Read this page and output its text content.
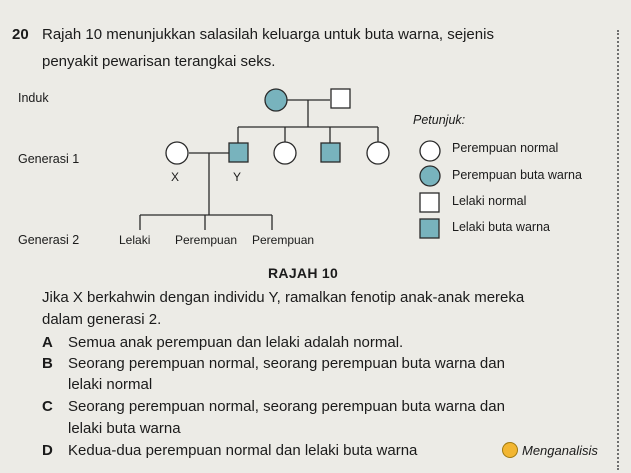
20 Rajah 10 menunjukkan salasilah keluarga untuk buta warna, sejenis
penyakit pewarisan terangkai seks.
Induk
Generasi 1
Generasi 2
X	Y
Lelaki Perempuan Perempuan
Petunjuk:
Perempuan normal
Perempuan buta warna
Lelaki normal
Lelaki buta warna
RAJAH 10
Jika X berkahwin dengan individu Y, ramalkan fenotip anak-anak mereka
dalam generasi 2.
A Semua anak perempuan dan lelaki adalah normal.
B Seorang perempuan normal, seorang perempuan buta warna dan
lelaki normal
C Seorang perempuan normal, seorang perempuan buta warna dan
lelaki buta warna
D Kedua-dua perempuan normal dan lelaki buta warna	Menganalisis
